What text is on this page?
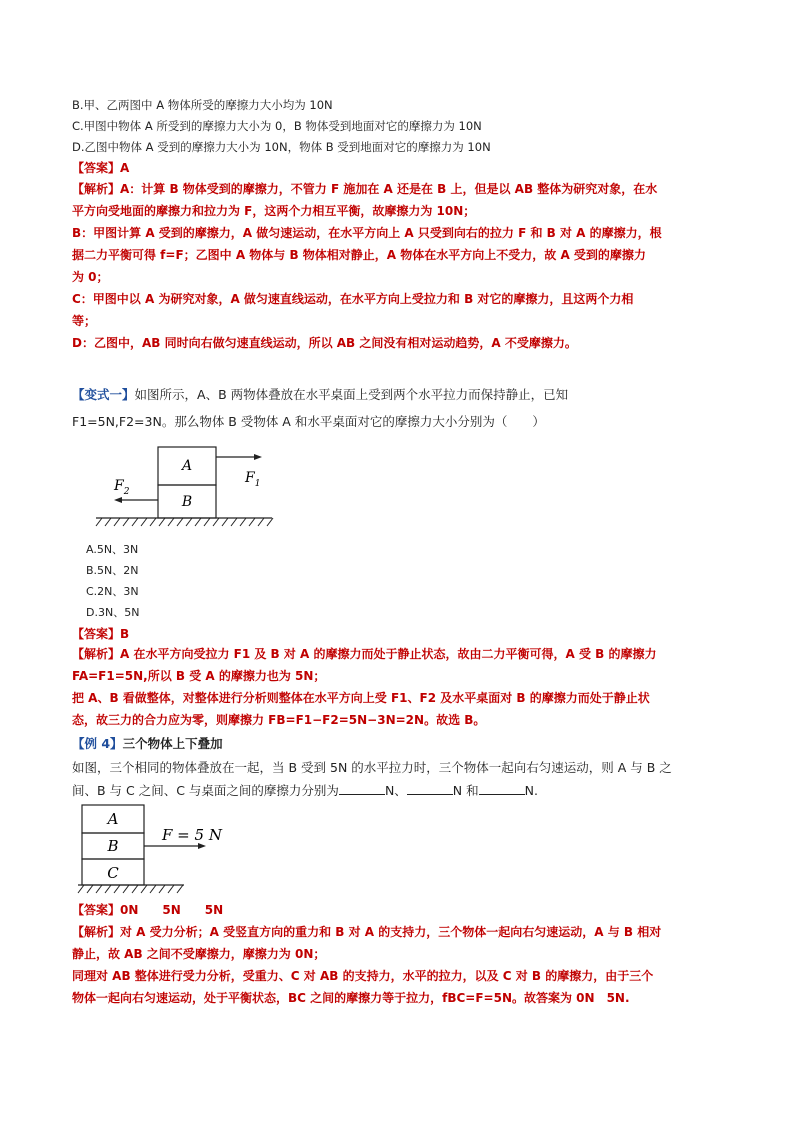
B.甲、乙两图中 A 物体所受的摩擦力大小均为 10N
C.甲图中物体 A 所受到的摩擦力大小为 0，B 物体受到地面对它的摩擦力为 10N
D.乙图中物体 A 受到的摩擦力大小为 10N，物体 B 受到地面对它的摩擦力为 10N
【答案】A
【解析】A：计算 B 物体受到的摩擦力，不管力 F 施加在 A 还是在 B 上，但是以 AB 整体为研究对象，在水
平方向受地面的摩擦力和拉力为 F，这两个力相互平衡，故摩擦力为 10N；
B：甲图计算 A 受到的摩擦力，A 做匀速运动，在水平方向上 A 只受到向右的拉力 F 和 B 对 A 的摩擦力，根
据二力平衡可得 f=F；乙图中 A 物体与 B 物体相对静止，A 物体在水平方向上不受力，故 A 受到的摩擦力
为 0；
C：甲图中以 A 为研究对象，A 做匀速直线运动，在水平方向上受拉力和 B 对它的摩擦力，且这两个力相
等；
D：乙图中，AB 同时向右做匀速直线运动，所以 AB 之间没有相对运动趋势，A 不受摩擦力。
【变式一】如图所示，A、B 两物体叠放在水平桌面上受到两个水平拉力而保持静止，已知
F1=5N,F2=3N。那么物体 B 受物体 A 和水平桌面对它的摩擦力大小分别为（　　）
A
B
$F_1$
$F_2$
A.5N、3N
B.5N、2N
C.2N、3N
D.3N、5N
【答案】B
【解析】A 在水平方向受拉力 F1 及 B 对 A 的摩擦力而处于静止状态，故由二力平衡可得，A 受 B 的摩擦力
FA=F1=5N,所以 B 受 A 的摩擦力也为 5N；
把 A、B 看做整体，对整体进行分析则整体在水平方向上受 F1、F2 及水平桌面对 B 的摩擦力而处于静止状
态，故三力的合力应为零，则摩擦力 FB=F1−F2=5N−3N=2N。故选 B。
【例 4】三个物体上下叠加
如图，三个相同的物体叠放在一起，当 B 受到 5N 的水平拉力时，三个物体一起向右匀速运动，则 A 与 B 之
间、B 与 C 之间、C 与桌面之间的摩擦力分别为	N、	N 和	N.
A
B
C
F = 5 N
【答案】0N　　5N　　5N
【解析】对 A 受力分析；A 受竖直方向的重力和 B 对 A 的支持力，三个物体一起向右匀速运动，A 与 B 相对
静止，故 AB 之间不受摩擦力，摩擦力为 0N；
同理对 AB 整体进行受力分析，受重力、C 对 AB 的支持力，水平的拉力，以及 C 对 B 的摩擦力，由于三个
物体一起向右匀速运动，处于平衡状态，BC 之间的摩擦力等于拉力，fBC=F=5N。故答案为 0N　5N.
